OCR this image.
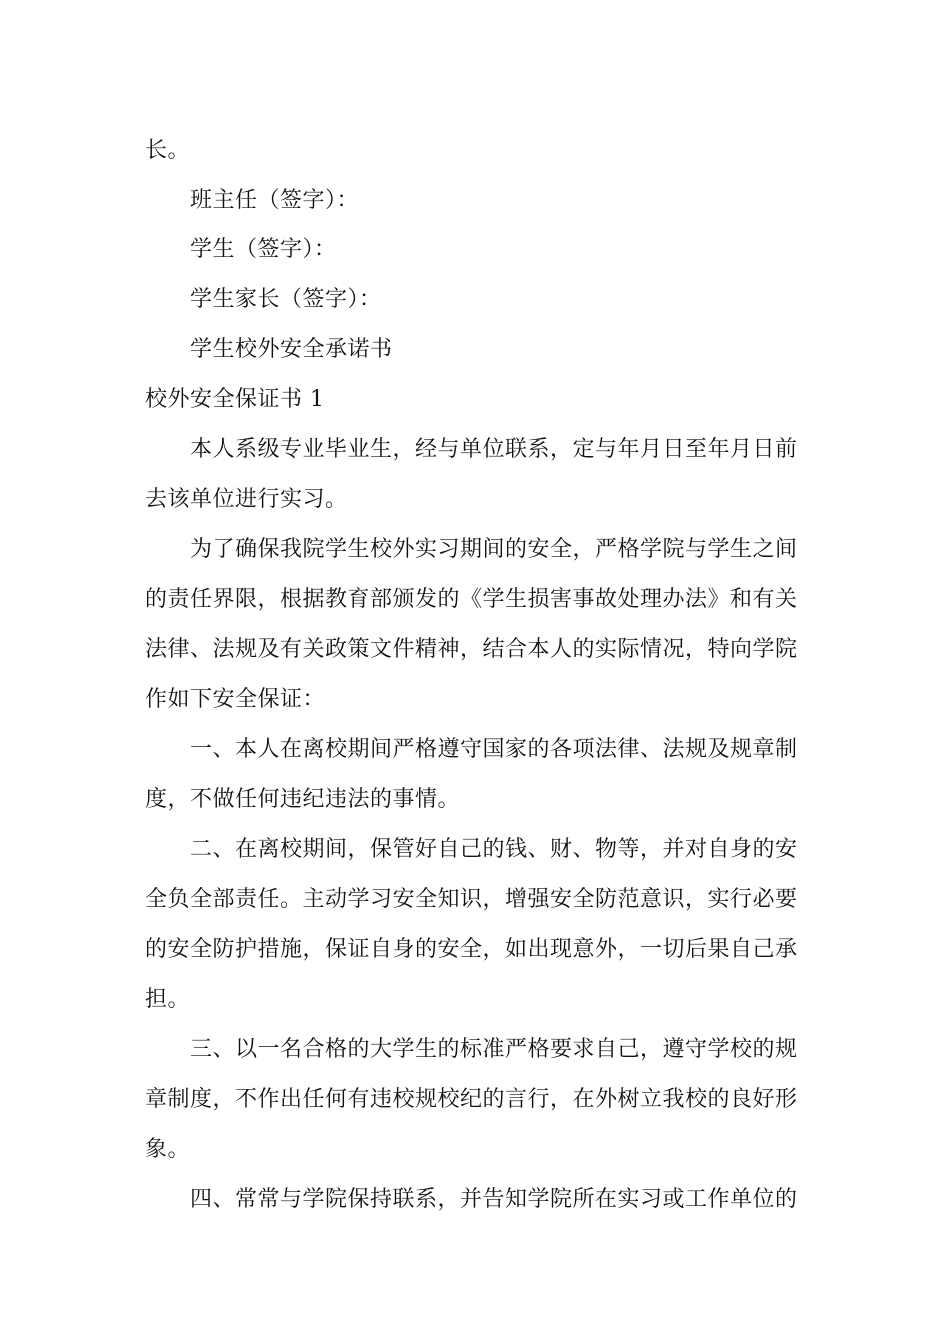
长。
班主任（签字）：
学生（签字）：
学生家长（签字）：
学生校外安全承诺书
校外安全保证书 1
本人系级专业毕业生，经与单位联系，定与年月日至年月日前
去该单位进行实习。
为了确保我院学生校外实习期间的安全，严格学院与学生之间
的责任界限，根据教育部颁发的《学生损害事故处理办法》和有关
法律、法规及有关政策文件精神，结合本人的实际情况，特向学院
作如下安全保证：
一、本人在离校期间严格遵守国家的各项法律、法规及规章制
度，不做任何违纪违法的事情。
二、在离校期间，保管好自己的钱、财、物等，并对自身的安
全负全部责任。主动学习安全知识，增强安全防范意识，实行必要
的安全防护措施，保证自身的安全，如出现意外，一切后果自己承
担。
三、以一名合格的大学生的标准严格要求自己，遵守学校的规
章制度，不作出任何有违校规校纪的言行，在外树立我校的良好形
象。
四、常常与学院保持联系，并告知学院所在实习或工作单位的
